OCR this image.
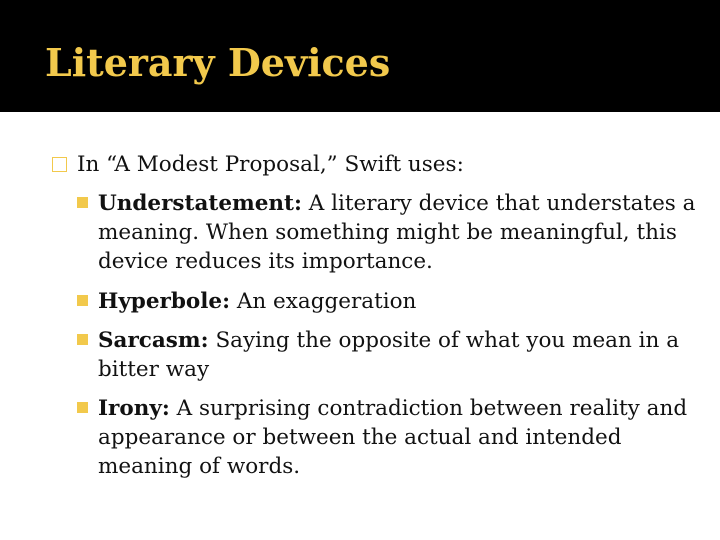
Literary Devices
In “A Modest Proposal,” Swift uses:
Understatement: A literary device that understates a meaning. When something might be meaningful, this device reduces its importance.
Hyperbole: An exaggeration
Sarcasm: Saying the opposite of what you mean in a bitter way
Irony: A surprising contradiction between reality and appearance or between the actual and intended meaning of words.
